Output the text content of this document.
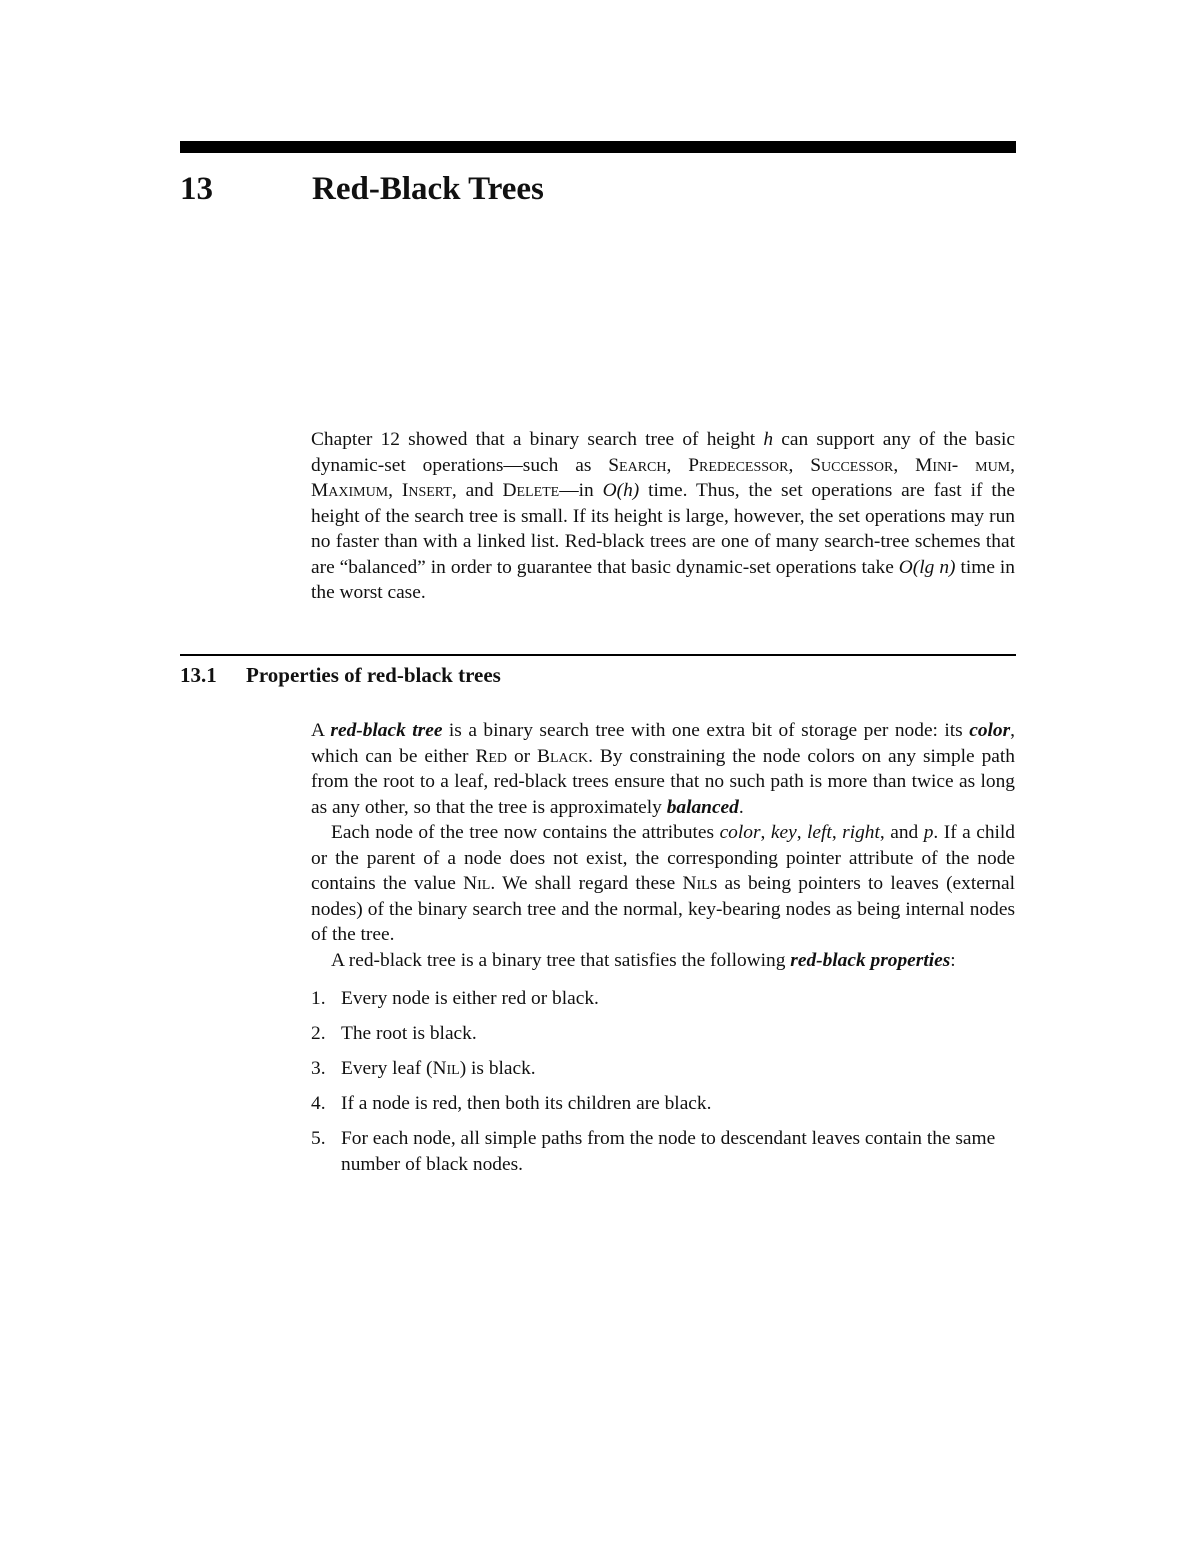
13	Red-Black Trees

Chapter 12 showed that a binary search tree of height h can support any of the basic dynamic-set operations—such as Search, Predecessor, Successor, Mini- mum, Maximum, Insert, and Delete—in O(h) time. Thus, the set operations are fast if the height of the search tree is small. If its height is large, however, the set operations may run no faster than with a linked list. Red-black trees are one of many search-tree schemes that are “balanced” in order to guarantee that basic dynamic-set operations take O(lg n) time in the worst case.

13.1 Properties of red-black trees

A red-black tree is a binary search tree with one extra bit of storage per node: its color, which can be either Red or Black. By constraining the node colors on any simple path from the root to a leaf, red-black trees ensure that no such path is more than twice as long as any other, so that the tree is approximately balanced.

Each node of the tree now contains the attributes color, key, left, right, and p. If a child or the parent of a node does not exist, the corresponding pointer attribute of the node contains the value Nil. We shall regard these Nils as being pointers to leaves (external nodes) of the binary search tree and the normal, key-bearing nodes as being internal nodes of the tree.

A red-black tree is a binary tree that satisfies the following red-black properties:

1. Every node is either red or black.
2. The root is black.
3. Every leaf (Nil) is black.
4. If a node is red, then both its children are black.
5. For each node, all simple paths from the node to descendant leaves contain the same number of black nodes.
